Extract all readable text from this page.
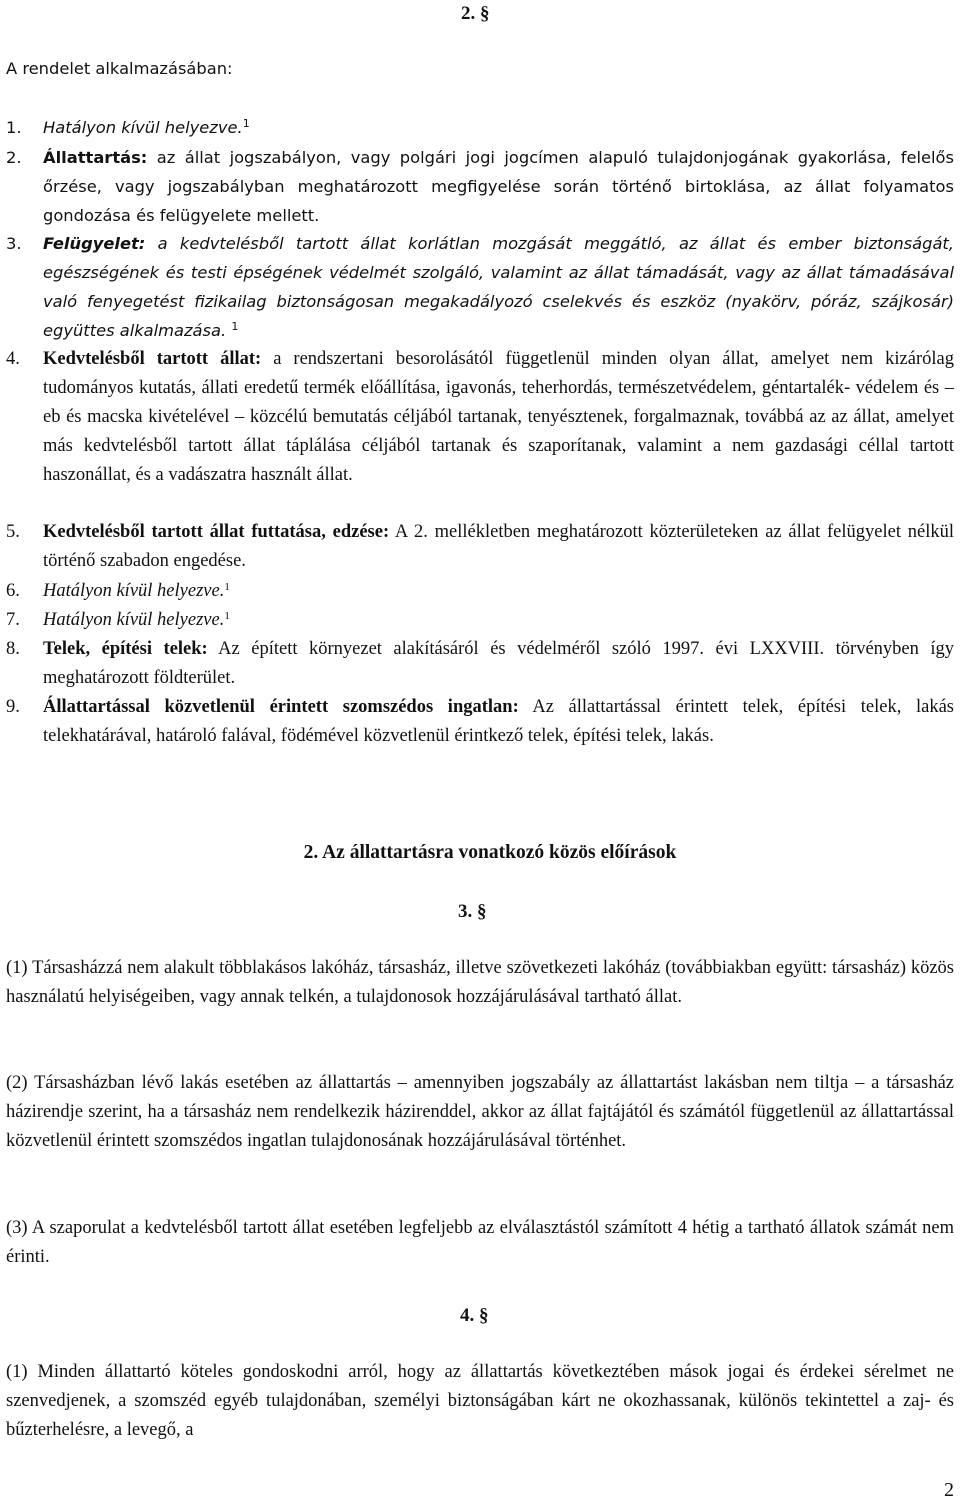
2. §
A rendelet alkalmazásában:
1.	Hatályon kívül helyezve.$^1$
2.	Állattartás: az állat jogszabályon, vagy polgári jogi jogcímen alapuló tulajdonjogának gyakorlása, felelős őrzése, vagy jogszabályban meghatározott megfigyelése során történő birtoklása, az állat folyamatos gondozása és felügyelete mellett.
3.	Felügyelet: a kedvtelésből tartott állat korlátlan mozgását meggátló, az állat és ember biztonságát, egészségének és testi épségének védelmét szolgáló, valamint az állat támadását, vagy az állat támadásával való fenyegetést fizikailag biztonságosan megakadályozó cselekvés és eszköz (nyakörv, póráz, szájkosár) együttes alkalmazása. $^1$
4.	Kedvtelésből tartott állat: a rendszertani besorolásától függetlenül minden olyan állat, amelyet nem kizárólag tudományos kutatás, állati eredetű termék előállítása, igavonás, teherhordás, természetvédelem, géntartalék- védelem és – eb és macska kivételével – közcélú bemutatás céljából tartanak, tenyésztenek, forgalmaznak, továbbá az az állat, amelyet más kedvtelésből tartott állat táplálása céljából tartanak és szaporítanak, valamint a nem gazdasági céllal tartott haszonállat, és a vadászatra használt állat.
5.	Kedvtelésből tartott állat futtatása, edzése: A 2. mellékletben meghatározott közterületeken az állat felügyelet nélkül történő szabadon engedése.
6.	Hatályon kívül helyezve.$^1$
7.	Hatályon kívül helyezve.$^1$
8.	Telek, építési telek: Az épített környezet alakításáról és védelméről szóló 1997. évi LXXVIII. törvényben így meghatározott földterület.
9.	Állattartással közvetlenül érintett szomszédos ingatlan: Az állattartással érintett telek, építési telek, lakás telekhatárával, határoló falával, födémével közvetlenül érintkező telek, építési telek, lakás.
2. Az állattartásra vonatkozó közös előírások
3. §
(1) Társasházzá nem alakult többlakásos lakóház, társasház, illetve szövetkezeti lakóház (továbbiakban együtt: társasház) közös használatú helyiségeiben, vagy annak telkén, a tulajdonosok hozzájárulásával tartható állat.
(2) Társasházban lévő lakás esetében az állattartás – amennyiben jogszabály az állattartást lakásban nem tiltja – a társasház házirendje szerint, ha a társasház nem rendelkezik házirenddel, akkor az állat fajtájától és számától függetlenül az állattartással közvetlenül érintett szomszédos ingatlan tulajdonosának hozzájárulásával történhet.
(3) A szaporulat a kedvtelésből tartott állat esetében legfeljebb az elválasztástól számított 4 hétig a tartható állatok számát nem érinti.
4. §
(1) Minden állattartó köteles gondoskodni arról, hogy az állattartás következtében mások jogai és érdekei sérelmet ne szenvedjenek, a szomszéd egyéb tulajdonában, személyi biztonságában kárt ne okozhassanak, különös tekintettel a zaj- és bűzterhelésre, a levegő, a
2
